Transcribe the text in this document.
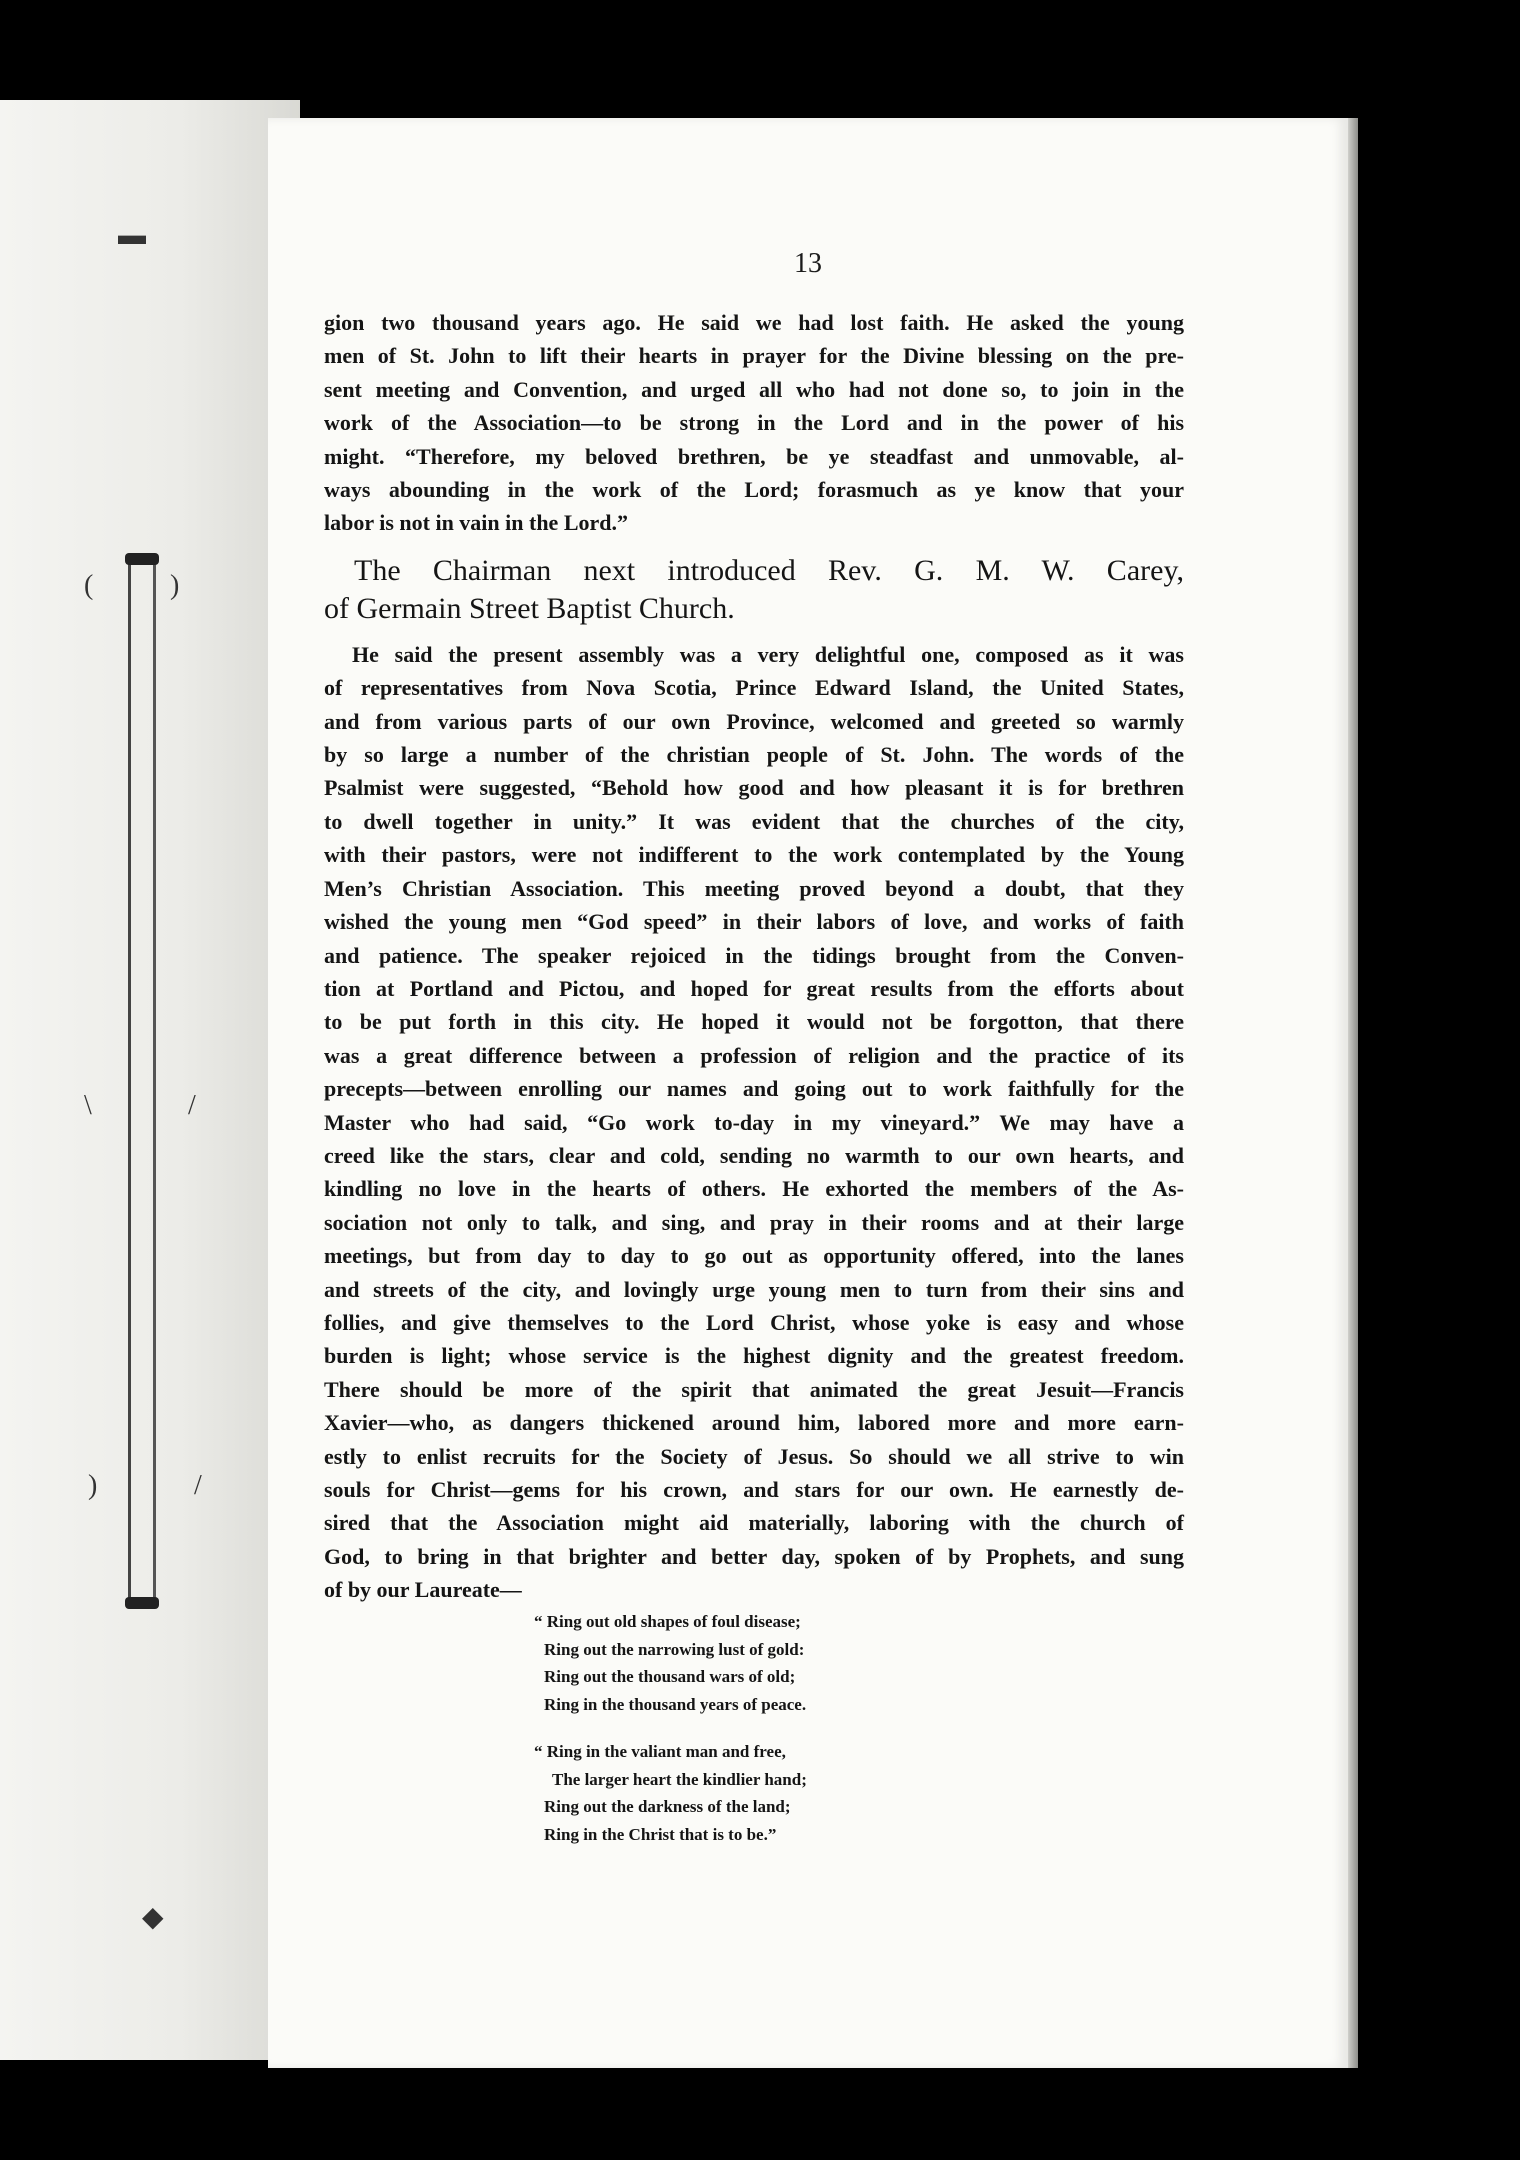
▬
(	)
\	/
)	/
◆
13
gion two thousand years ago. He said we had lost faith. He asked the young
men of St. John to lift their hearts in prayer for the Divine blessing on the pre-
sent meeting and Convention, and urged all who had not done so, to join in the
work of the Association—to be strong in the Lord and in the power of his
might. “Therefore, my beloved brethren, be ye steadfast and unmovable, al-
ways abounding in the work of the Lord; forasmuch as ye know that your
labor is not in vain in the Lord.”
The Chairman next introduced Rev. G. M. W. Carey,
of Germain Street Baptist Church.
He said the present assembly was a very delightful one, composed as it was
of representatives from Nova Scotia, Prince Edward Island, the United States,
and from various parts of our own Province, welcomed and greeted so warmly
by so large a number of the christian people of St. John. The words of the
Psalmist were suggested, “Behold how good and how pleasant it is for brethren
to dwell together in unity.” It was evident that the churches of the city,
with their pastors, were not indifferent to the work contemplated by the Young
Men’s Christian Association. This meeting proved beyond a doubt, that they
wished the young men “God speed” in their labors of love, and works of faith
and patience. The speaker rejoiced in the tidings brought from the Conven-
tion at Portland and Pictou, and hoped for great results from the efforts about
to be put forth in this city. He hoped it would not be forgotton, that there
was a great difference between a profession of religion and the practice of its
precepts—between enrolling our names and going out to work faithfully for the
Master who had said, “Go work to-day in my vineyard.” We may have a
creed like the stars, clear and cold, sending no warmth to our own hearts, and
kindling no love in the hearts of others. He exhorted the members of the As-
sociation not only to talk, and sing, and pray in their rooms and at their large
meetings, but from day to day to go out as opportunity offered, into the lanes
and streets of the city, and lovingly urge young men to turn from their sins and
follies, and give themselves to the Lord Christ, whose yoke is easy and whose
burden is light; whose service is the highest dignity and the greatest freedom.
There should be more of the spirit that animated the great Jesuit—Francis
Xavier—who, as dangers thickened around him, labored more and more earn-
estly to enlist recruits for the Society of Jesus. So should we all strive to win
souls for Christ—gems for his crown, and stars for our own. He earnestly de-
sired that the Association might aid materially, laboring with the church of
God, to bring in that brighter and better day, spoken of by Prophets, and sung
of by our Laureate—
“ Ring out old shapes of foul disease;
Ring out the narrowing lust of gold:
Ring out the thousand wars of old;
Ring in the thousand years of peace.
“ Ring in the valiant man and free,
The larger heart the kindlier hand;
Ring out the darkness of the land;
Ring in the Christ that is to be.”
